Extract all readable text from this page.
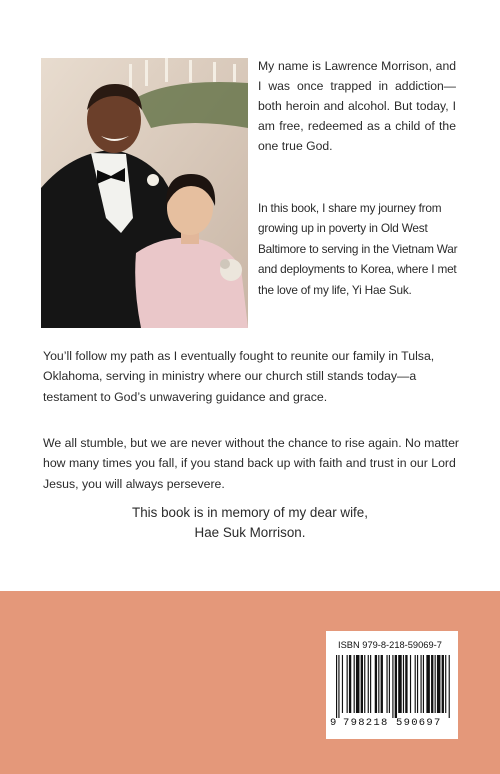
My name is Lawrence Morrison, and I was once trapped in addiction—both heroin and alcohol. But today, I am free, redeemed as a child of the one true God.

In this book, I share my journey from growing up in poverty in Old West Baltimore to serving in the Vietnam War and deployments to Korea, where I met the love of my life, Yi Hae Suk.

You’ll follow my path as I eventually fought to reunite our family in Tulsa, Oklahoma, serving in ministry where our church still stands today—a testament to God’s unwavering guidance and grace.

We all stumble, but we are never without the chance to rise again. No matter how many times you fall, if you stand back up with faith and trust in our Lord Jesus, you will always persevere.

This book is in memory of my dear wife,
Hae Suk Morrison.
ISBN 979-8-218-59069-7
9 798218 590697
